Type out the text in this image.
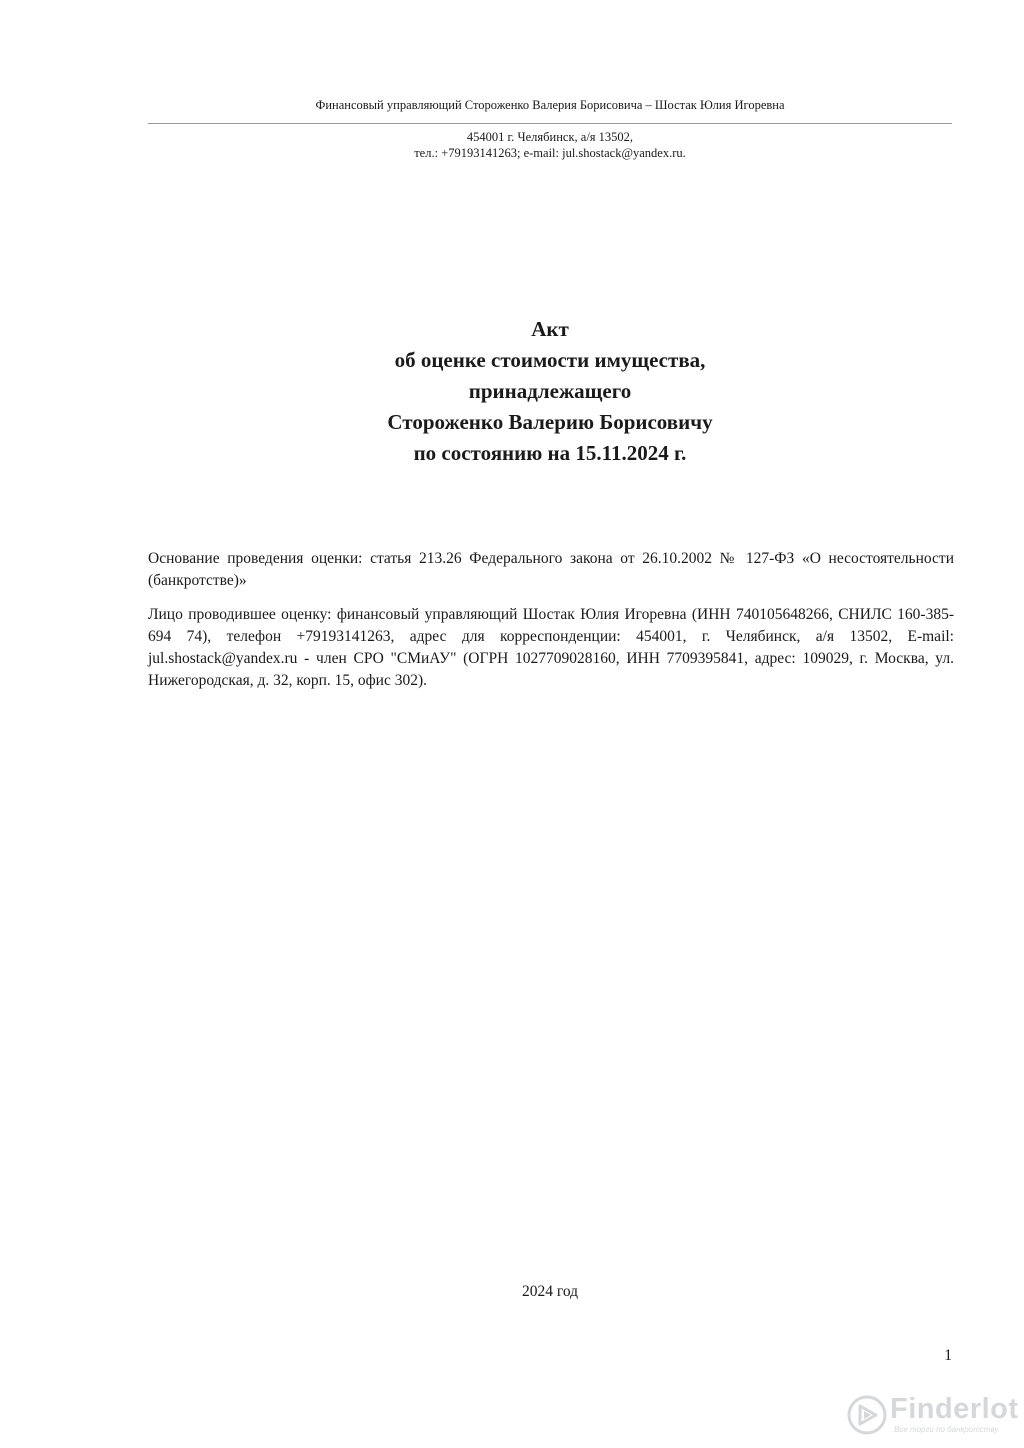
Финансовый управляющий Стороженко Валерия Борисовича – Шостак Юлия Игоревна
454001 г. Челябинск, а/я 13502,
тел.: +79193141263; e-mail: jul.shostack@yandex.ru.
Акт
об оценке стоимости имущества,
принадлежащего
Стороженко Валерию Борисовичу
по состоянию на 15.11.2024 г.

Основание проведения оценки: статья 213.26 Федерального закона от 26.10.2002 № 127-ФЗ «О несостоятельности (банкротстве)»

Лицо проводившее оценку: финансовый управляющий Шостак Юлия Игоревна (ИНН 740105648266, СНИЛС 160-385-694 74), телефон +79193141263, адрес для корреспонденции: 454001, г. Челябинск, а/я 13502, E-mail: jul.shostack@yandex.ru - член СРО "СМиАУ" (ОГРН 1027709028160, ИНН 7709395841, адрес: 109029, г. Москва, ул. Нижегородская, д. 32, корп. 15, офис 302).

2024 год
1
Finderlot
Все торги по банкротству
